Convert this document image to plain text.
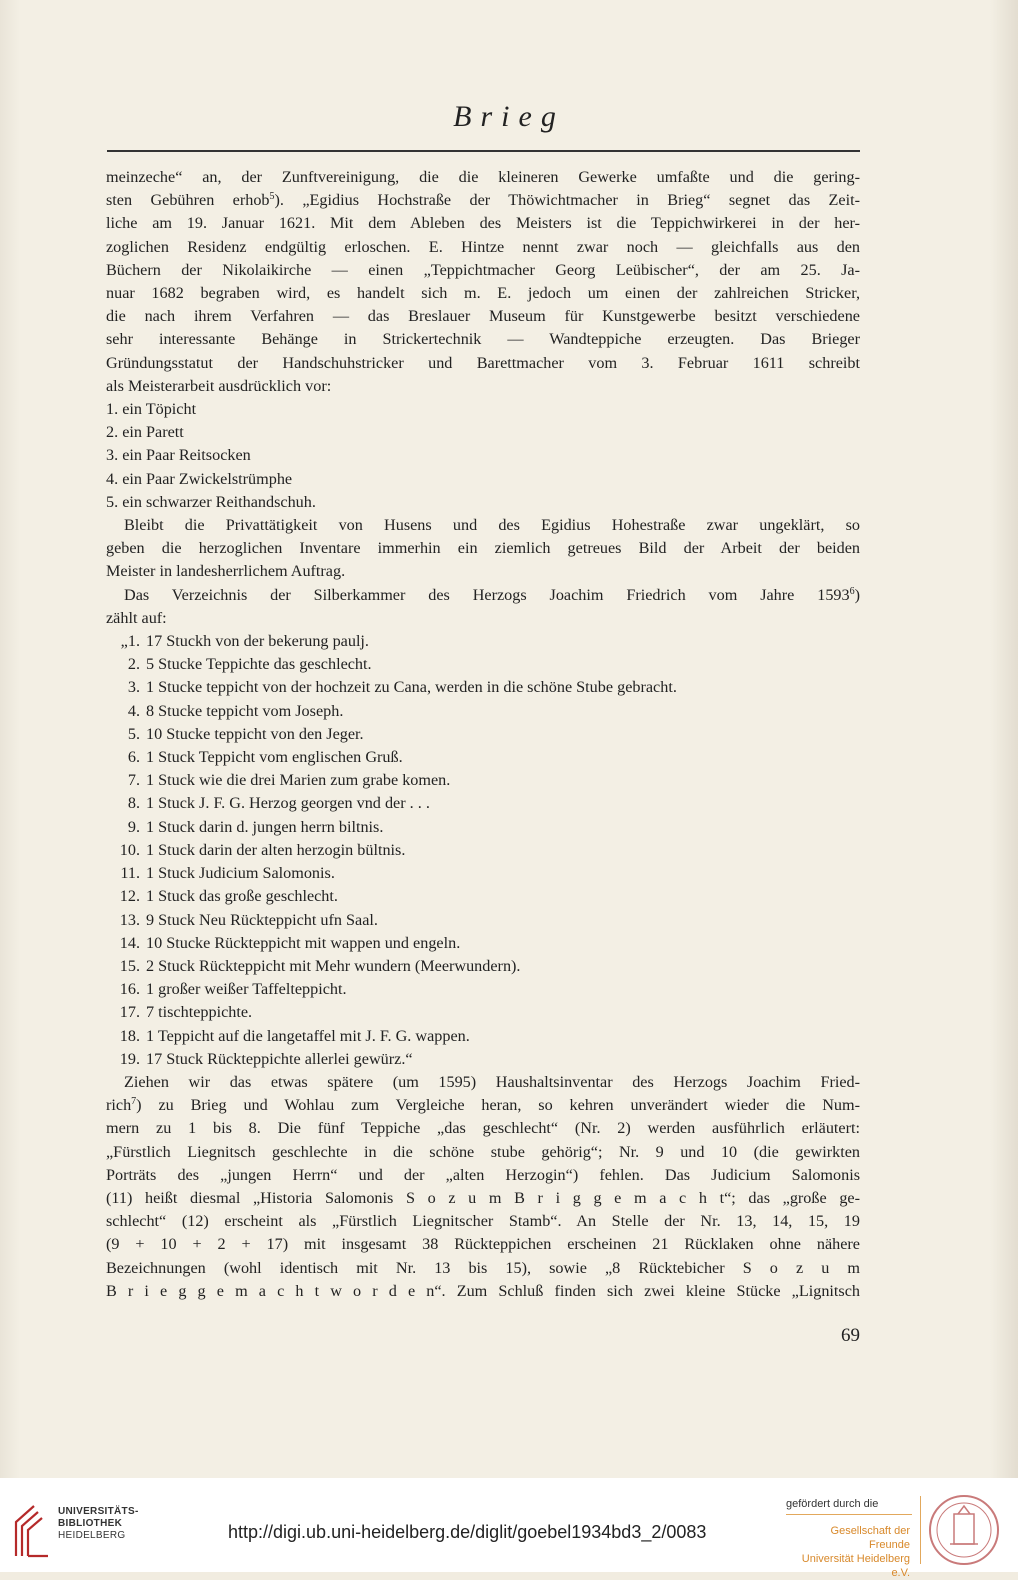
Brieg

meinzeche“ an, der Zunftvereinigung, die die kleineren Gewerke umfaßte und die gering-

sten Gebühren erhob$^5$). „Egidius Hochstraße der Thöwichtmacher in Brieg“ segnet das Zeit-

liche am 19. Januar 1621. Mit dem Ableben des Meisters ist die Teppichwirkerei in der her-

zoglichen Residenz endgültig erloschen. E. Hintze nennt zwar noch — gleichfalls aus den

Büchern der Nikolaikirche — einen „Teppichtmacher Georg Leübischer“, der am 25. Ja-

nuar 1682 begraben wird, es handelt sich m. E. jedoch um einen der zahlreichen Stricker,

die nach ihrem Verfahren — das Breslauer Museum für Kunstgewerbe besitzt verschiedene

sehr interessante Behänge in Strickertechnik — Wandteppiche erzeugten. Das Brieger

Gründungsstatut der Handschuhstricker und Barettmacher vom 3. Februar 1611 schreibt

als Meisterarbeit ausdrücklich vor:

1. ein Töpicht
2. ein Parett
3. ein Paar Reitsocken
4. ein Paar Zwickelstrümphe
5. ein schwarzer Reithandschuh.

Bleibt die Privattätigkeit von Husens und des Egidius Hohestraße zwar ungeklärt, so

geben die herzoglichen Inventare immerhin ein ziemlich getreues Bild der Arbeit der beiden

Meister in landesherrlichem Auftrag.

Das Verzeichnis der Silberkammer des Herzogs Joachim Friedrich vom Jahre 1593$^6$)

zählt auf:

„1. 17 Stuckh von der bekerung paulj.
2. 5 Stucke Teppichte das geschlecht.
3. 1 Stucke teppicht von der hochzeit zu Cana, werden in die schöne Stube gebracht.
4. 8 Stucke teppicht vom Joseph.
5. 10 Stucke teppicht von den Jeger.
6. 1 Stuck Teppicht vom englischen Gruß.
7. 1 Stuck wie die drei Marien zum grabe komen.
8. 1 Stuck J. F. G. Herzog georgen vnd der . . .
9. 1 Stuck darin d. jungen herrn biltnis.
10. 1 Stuck darin der alten herzogin bültnis.
11. 1 Stuck Judicium Salomonis.
12. 1 Stuck das große geschlecht.
13. 9 Stuck Neu Rückteppicht ufn Saal.
14. 10 Stucke Rückteppicht mit wappen und engeln.
15. 2 Stuck Rückteppicht mit Mehr wundern (Meerwundern).
16. 1 großer weißer Taffelteppicht.
17. 7 tischteppichte.
18. 1 Teppicht auf die langetaffel mit J. F. G. wappen.
19. 17 Stuck Rückteppichte allerlei gewürz.“

Ziehen wir das etwas spätere (um 1595) Haushaltsinventar des Herzogs Joachim Fried-

rich$^7$) zu Brieg und Wohlau zum Vergleiche heran, so kehren unverändert wieder die Num-

mern zu 1 bis 8. Die fünf Teppiche „das geschlecht“ (Nr. 2) werden ausführlich erläutert:

„Fürstlich Liegnitsch geschlechte in die schöne stube gehörig“; Nr. 9 und 10 (die gewirkten

Porträts des „jungen Herrn“ und der „alten Herzogin“) fehlen. Das Judicium Salomonis

(11) heißt diesmal „Historia Salomonis S o z u m B r i g g e m a c h t“; das „große ge-

schlecht“ (12) erscheint als „Fürstlich Liegnitscher Stamb“. An Stelle der Nr. 13, 14, 15, 19

(9 + 10 + 2 + 17) mit insgesamt 38 Rückteppichen erscheinen 21 Rücklaken ohne nähere

Bezeichnungen (wohl identisch mit Nr. 13 bis 15), sowie „8 Rücktebicher S o z u m

B r i e g g e m a c h t w o r d e n“. Zum Schluß finden sich zwei kleine Stücke „Lignitsch

69
UNIVERSITÄTS-
BIBLIOTHEK
HEIDELBERG	http://digi.ub.uni-heidelberg.de/diglit/goebel1934bd3_2/0083
gefördert durch die
Gesellschaft der Freunde
Universität Heidelberg e.V.
